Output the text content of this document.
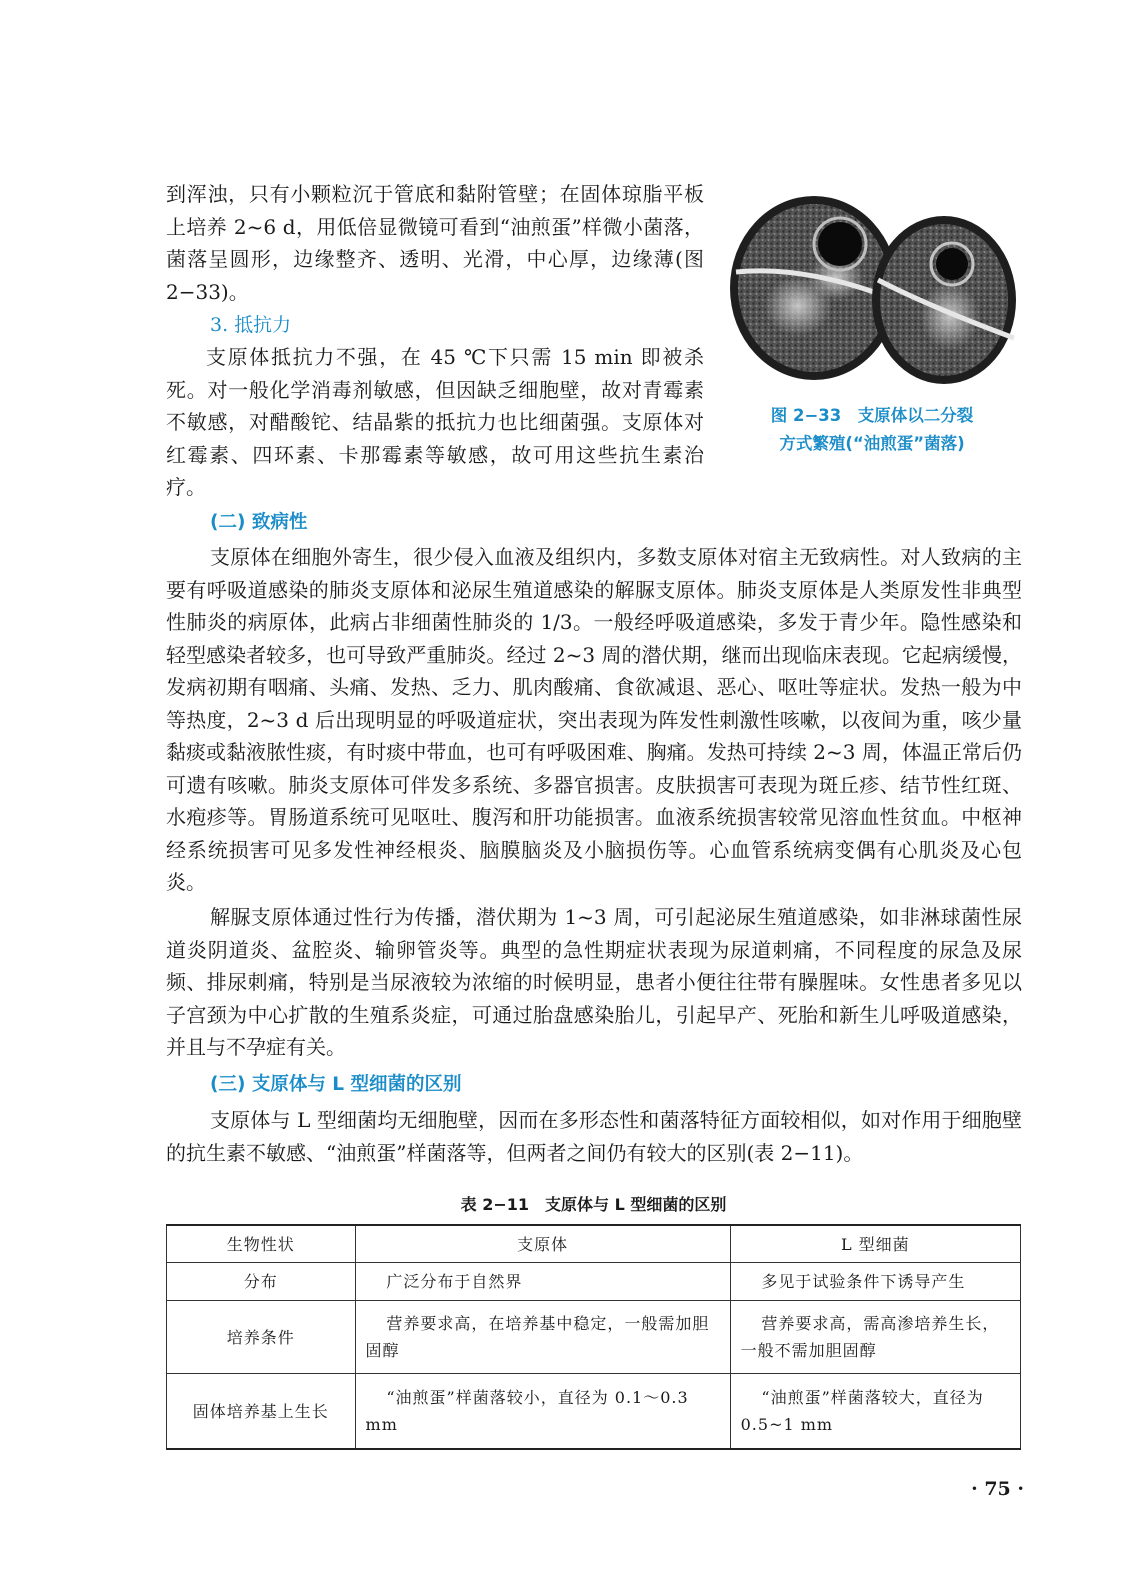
到浑浊，只有小颗粒沉于管底和黏附管壁；在固体琼脂平板上培养 2~6 d，用低倍显微镜可看到“油煎蛋”样微小菌落，菌落呈圆形，边缘整齐、透明、光滑，中心厚，边缘薄(图 2−33)。

3. 抵抗力

支原体抵抗力不强，在 45 ℃下只需 15 min 即被杀死。对一般化学消毒剂敏感，但因缺乏细胞壁，故对青霉素不敏感，对醋酸铊、结晶紫的抵抗力也比细菌强。支原体对红霉素、四环素、卡那霉素等敏感，故可用这些抗生素治疗。

图 2−33　支原体以二分裂
方式繁殖(“油煎蛋”菌落)

(二) 致病性

支原体在细胞外寄生，很少侵入血液及组织内，多数支原体对宿主无致病性。对人致病的主要有呼吸道感染的肺炎支原体和泌尿生殖道感染的解脲支原体。肺炎支原体是人类原发性非典型性肺炎的病原体，此病占非细菌性肺炎的 1/3。一般经呼吸道感染，多发于青少年。隐性感染和轻型感染者较多，也可导致严重肺炎。经过 2~3 周的潜伏期，继而出现临床表现。它起病缓慢，发病初期有咽痛、头痛、发热、乏力、肌肉酸痛、食欲减退、恶心、呕吐等症状。发热一般为中等热度，2~3 d 后出现明显的呼吸道症状，突出表现为阵发性刺激性咳嗽，以夜间为重，咳少量黏痰或黏液脓性痰，有时痰中带血，也可有呼吸困难、胸痛。发热可持续 2~3 周，体温正常后仍可遗有咳嗽。肺炎支原体可伴发多系统、多器官损害。皮肤损害可表现为斑丘疹、结节性红斑、水疱疹等。胃肠道系统可见呕吐、腹泻和肝功能损害。血液系统损害较常见溶血性贫血。中枢神经系统损害可见多发性神经根炎、脑膜脑炎及小脑损伤等。心血管系统病变偶有心肌炎及心包炎。

解脲支原体通过性行为传播，潜伏期为 1~3 周，可引起泌尿生殖道感染，如非淋球菌性尿道炎阴道炎、盆腔炎、输卵管炎等。典型的急性期症状表现为尿道刺痛，不同程度的尿急及尿频、排尿刺痛，特别是当尿液较为浓缩的时候明显，患者小便往往带有臊腥味。女性患者多见以子宫颈为中心扩散的生殖系炎症，可通过胎盘感染胎儿，引起早产、死胎和新生儿呼吸道感染，并且与不孕症有关。

(三) 支原体与 L 型细菌的区别

支原体与 L 型细菌均无细胞壁，因而在多形态性和菌落特征方面较相似，如对作用于细胞壁的抗生素不敏感、“油煎蛋”样菌落等，但两者之间仍有较大的区别(表 2−11)。

表 2−11　支原体与 L 型细菌的区别
生物性状	支原体	L 型细菌
分布	广泛分布于自然界	多见于试验条件下诱导产生
培养条件	营养要求高，在培养基中稳定，一般需加胆固醇	营养要求高，需高渗培养生长，一般不需加胆固醇
固体培养基上生长	“油煎蛋”样菌落较小，直径为 0.1～0.3 mm	“油煎蛋”样菌落较大，直径为 0.5~1 mm
· 75 ·
